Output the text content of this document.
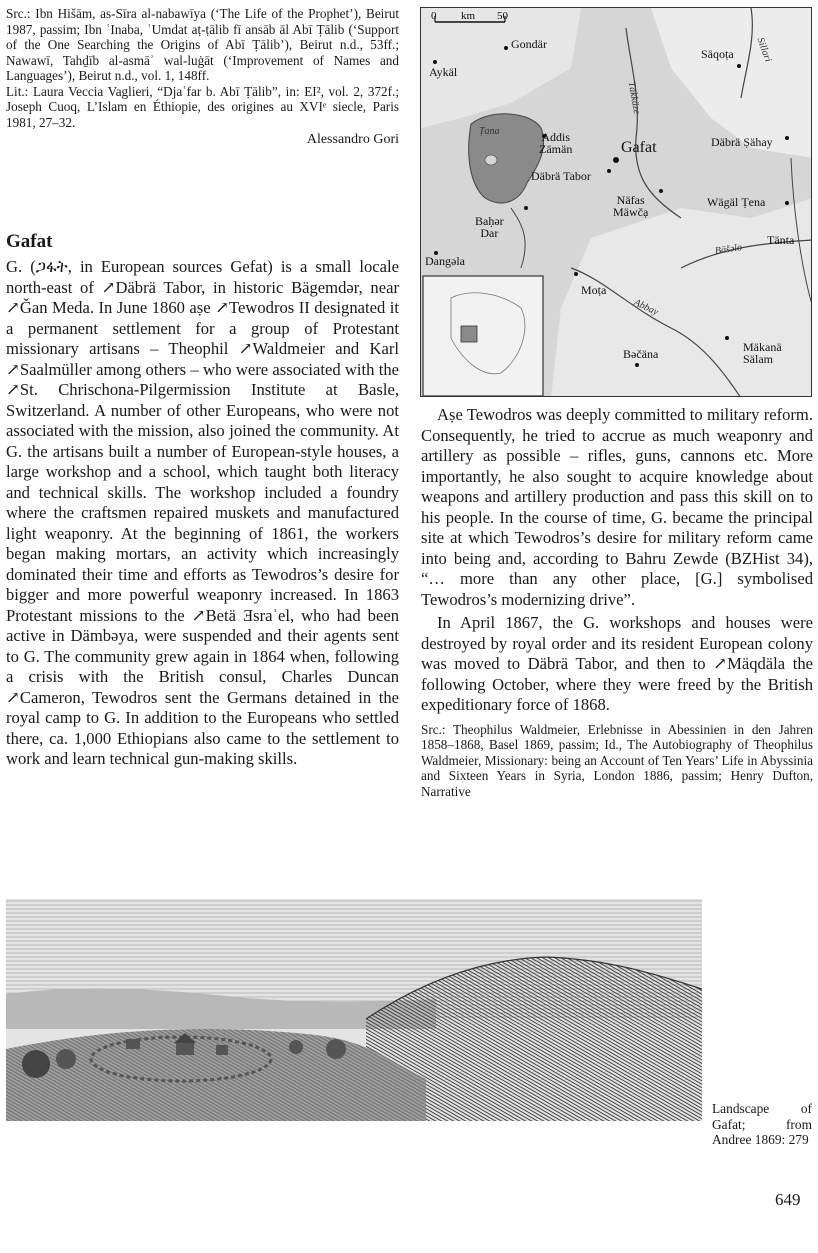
Src.: Ibn Hišām, as-Sīra al-nabawīya (‘The Life of the Prophet’), Beirut 1987, passim; Ibn ʿInaba, ʿUmdat aṭ-ṭālib fī ansāb āl Abī Ṭālib (‘Support of the One Searching the Origins of Abī Ṭālib’), Beirut n.d., 53ff.; Nawawī, Tahḏīb al-asmāʾ wal-luġāt (‘Improvement of Names and Languages’), Beirut n.d., vol. 1, 148ff.

Lit.: Laura Veccia Vaglieri, “Djaʿfar b. Abī Ṭālib”, in: EI², vol. 2, 372f.; Joseph Cuoq, L’Islam en Éthiopie, des origines au XVIᵉ siecle, Paris 1981, 27–32.

Alessandro Gori

Gafat

G. (ጋፋት, in European sources Gefat) is a small locale north-east of ↗Däbrä Tabor, in historic Bägemdər, near ↗Ǧan Meda. In June 1860 aṣe ↗Tewodros II designated it a permanent settlement for a group of Protestant missionary artisans – Theophil ↗Waldmeier and Karl ↗Saalmüller among others – who were associated with the ↗St. Chrischona-Pilgermission Institute at Basle, Switzerland. A number of other Europeans, who were not associated with the mission, also joined the community. At G. the artisans built a number of European-style houses, a large workshop and a school, which taught both literacy and technical skills. The workshop included a foundry where the craftsmen repaired muskets and manufactured light weaponry. At the beginning of 1861, the workers began making mortars, an activity which increasingly dominated their time and efforts as Tewodros’s desire for bigger and more powerful weaponry increased. In 1863 Protestant missions to the ↗Betä Ǝsraʾel, who had been active in Dämbəya, were suspended and their agents sent to G. The community grew again in 1864 when, following a crisis with the British consul, Charles Duncan ↗Cameron, Tewodros sent the Germans detained in the royal camp to G. In addition to the Europeans who settled there, ca. 1,000 Ethiopians also came to the settlement to work and learn technical gun-making skills.

0 km 50
Gondär
Aykäl
Säqoṭa Sillari
Täkkäze
Ṭana	Addis
Zämän	Gafat
Däbrä Tabor
Däbrä Ṣähay
Näfas
Mäwčạ
Wägäl Ṭena
Baḥər
Dar
Dangəla
Bäšəlo
Tänta
Moṭa
Abbay
Mäkanä
Sälam
Bəčäna

Aṣe Tewodros was deeply committed to military reform. Consequently, he tried to accrue as much weaponry and artillery as possible – rifles, guns, cannons etc. More importantly, he also sought to acquire knowledge about weapons and artillery production and pass this skill on to his people. In the course of time, G. became the principal site at which Tewodros’s desire for military reform came into being and, according to Bahru Zewde (BZHist 34), “… more than any other place, [G.] symbolised Tewodros’s modernizing drive”.

In April 1867, the G. workshops and houses were destroyed by royal order and its resident European colony was moved to Däbrä Tabor, and then to ↗Mäqdäla the following October, where they were freed by the British expeditionary force of 1868.

Src.: Theophilus Waldmeier, Erlebnisse in Abessinien in den Jahren 1858–1868, Basel 1869, passim; Id., The Autobiography of Theophilus Waldmeier, Missionary: being an Account of Ten Years’ Life in Abyssinia and Sixteen Years in Syria, London 1886, passim; Henry Dufton, Narrative

Landscape of Gafat; from Andree 1869: 279

649
